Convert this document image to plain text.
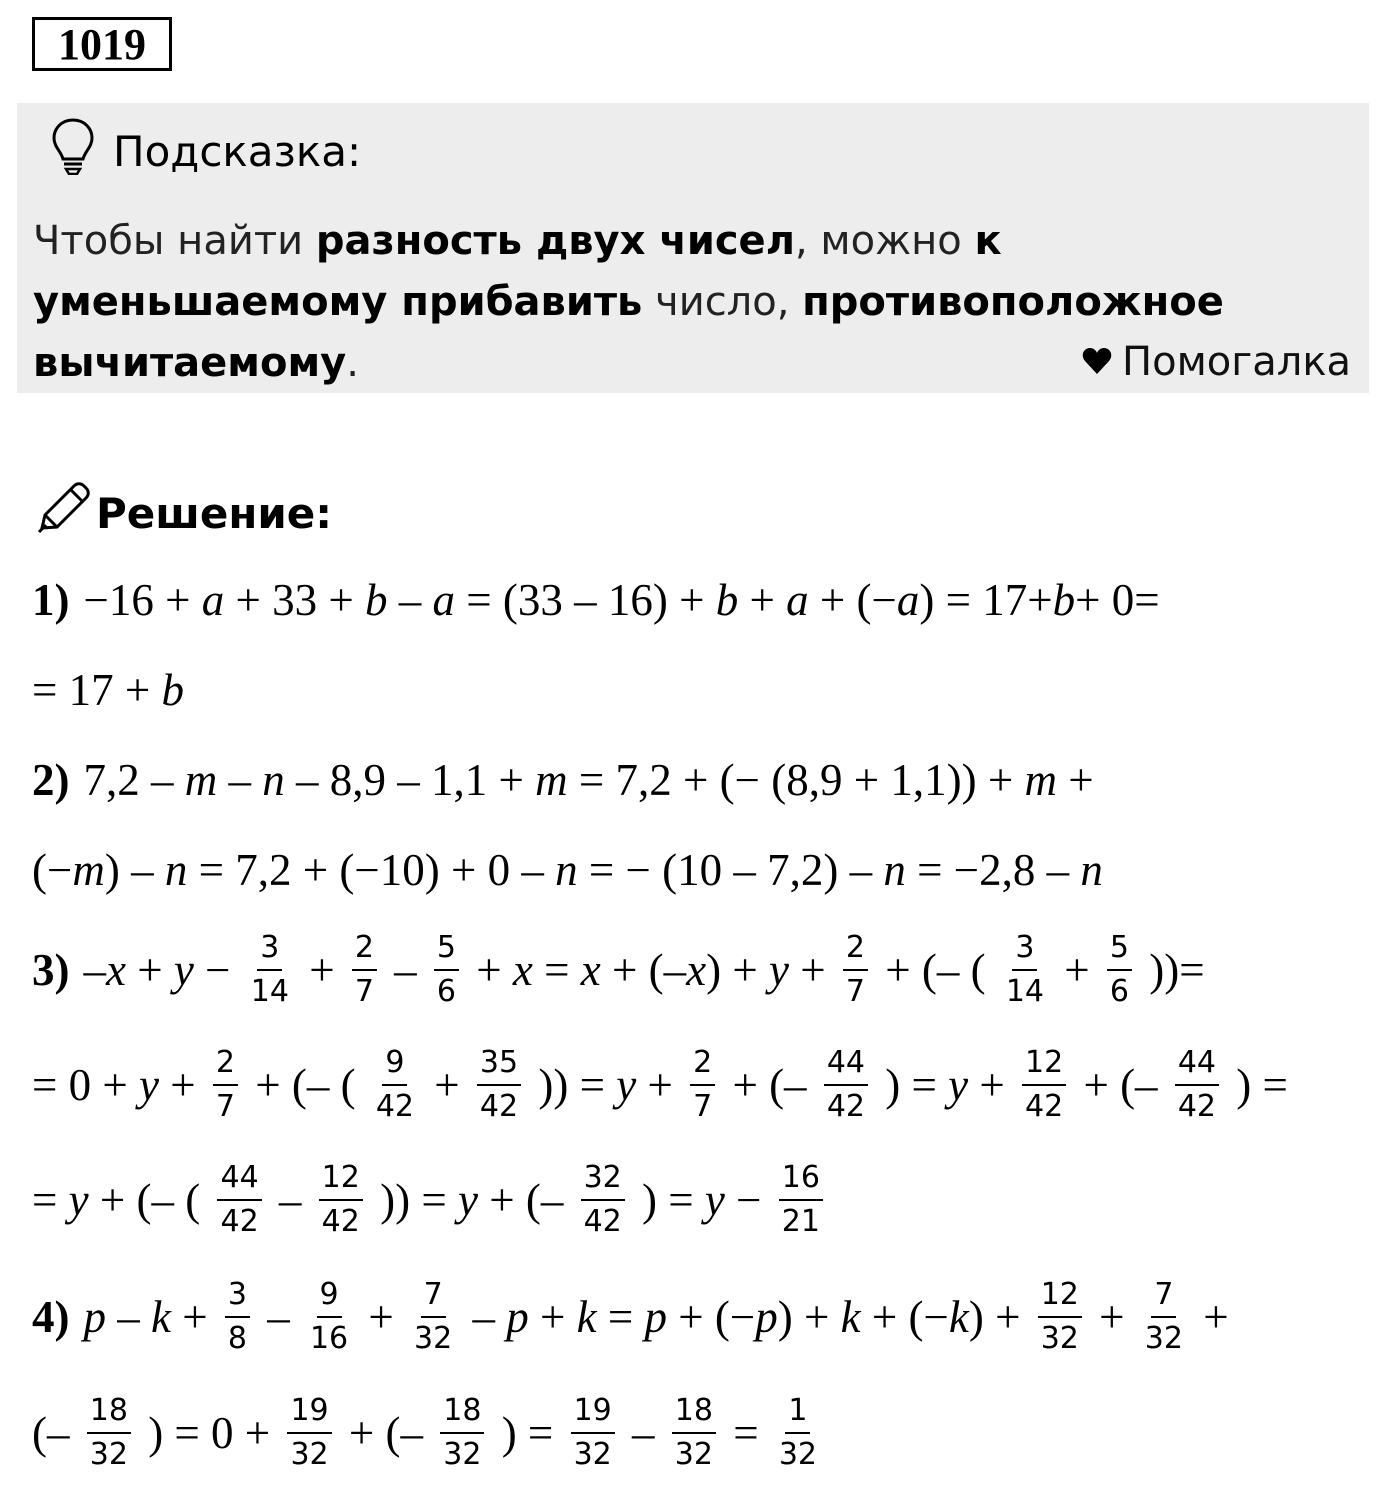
1019
Подсказка:
Чтобы найти разность двух чисел, можно к уменьшаемому прибавить число, противоположное вычитаемому.	Помогалка
Решение:
1) −16 + a + 33 + b – a = (33 – 16) + b + a + (− a ) = 17+ b + 0=
= 17 + b
2) 7,2 – m – n – 8,9 – 1,1 + m = 7,2 + (− (8,9 + 1,1)) + m +
(− m ) – n = 7,2 + (−10) + 0 – n = − (10 – 7,2) – n = −2,8 – n
$3) - x + y - \frac{3}{14} + \frac{2}{7} - \frac{5}{6} + x = x$ + (– x ) + $y + \frac{2}{7}$ + (– ( $\frac{3}{14} + \frac{5}{6}$ ))=
= $0 + y + \frac{2}{7}$ + (– ( $\frac{9}{42} + \frac{35}{42}$ )) = $y + \frac{2}{7}$ + (– $\frac{44}{42}$ ) = $y + \frac{12}{42}$ + (– $\frac{44}{42}$ ) =
= y + (– ( $\frac{44}{42} - \frac{12}{42}$ )) = y + (– $\frac{32}{42}$ ) = $y - \frac{16}{21}$
4) $p - k + \frac{3}{8} - \frac{9}{16} + \frac{7}{32} - p + k = p$ + (− p ) + k + (− k ) + $\frac{12}{32} + \frac{7}{32}$ +
(– $\frac{18}{32}$ ) = $0 + \frac{19}{32}$ + (– $\frac{18}{32}$ ) = $\frac{19}{32} - \frac{18}{32} = \frac{1}{32}$
